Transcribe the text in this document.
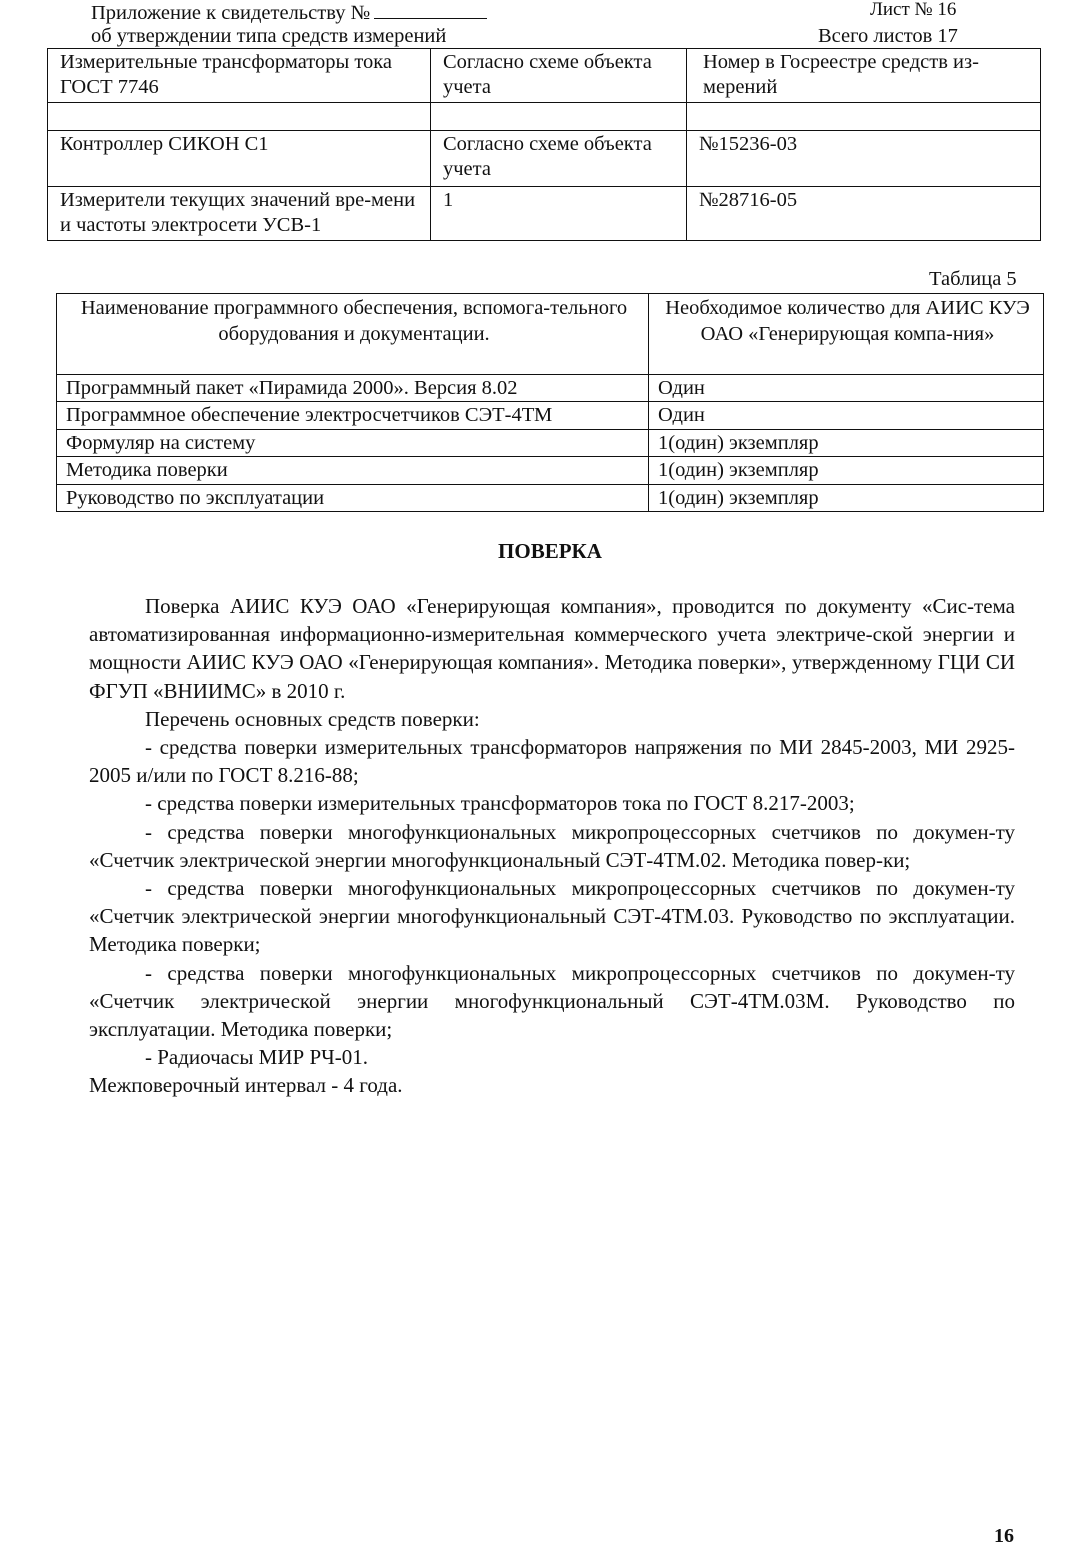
Приложение к свидетельству №
об утверждении типа средств измерений
Лист № 16
Всего листов 17
Измерительные трансформаторы тока ГОСТ 7746	Согласно схеме объекта учета	Номер в Госреестре средств из-мерений

Контроллер СИКОН С1	Согласно схеме объекта учета	№15236-03
Измерители текущих значений вре-мени и частоты электросети УСВ-1	1	№28716-05
Таблица 5
Наименование программного обеспечения, вспомога-тельного оборудования и документации.	Необходимое количество для АИИС КУЭ ОАО «Генерирующая компа-ния»
Программный пакет «Пирамида 2000». Версия 8.02	Один
Программное обеспечение электросчетчиков СЭТ-4ТМ	Один
Формуляр на систему	1(один) экземпляр
Методика поверки	1(один) экземпляр
Руководство по эксплуатации	1(один) экземпляр
ПОВЕРКА

Поверка АИИС КУЭ ОАО «Генерирующая компания», проводится по документу «Сис-тема автоматизированная информационно-измерительная коммерческого учета электриче-ской энергии и мощности АИИС КУЭ ОАО «Генерирующая компания». Методика поверки», утвержденному ГЦИ СИ ФГУП «ВНИИМС» в 2010 г.

Перечень основных средств поверки:

- средства поверки измерительных трансформаторов напряжения по МИ 2845-2003, МИ 2925-2005 и/или по ГОСТ 8.216-88;

- средства поверки измерительных трансформаторов тока по ГОСТ 8.217-2003;

- средства поверки многофункциональных микропроцессорных счетчиков по докумен-ту «Счетчик электрической энергии многофункциональный СЭТ-4ТМ.02. Методика повер-ки;

- средства поверки многофункциональных микропроцессорных счетчиков по докумен-ту «Счетчик электрической энергии многофункциональный СЭТ-4ТМ.03. Руководство по эксплуатации. Методика поверки;

- средства поверки многофункциональных микропроцессорных счетчиков по докумен-ту «Счетчик электрической энергии многофункциональный СЭТ-4ТМ.03М. Руководство по эксплуатации. Методика поверки;

- Радиочасы МИР РЧ-01.

Межповерочный интервал - 4 года.

16
